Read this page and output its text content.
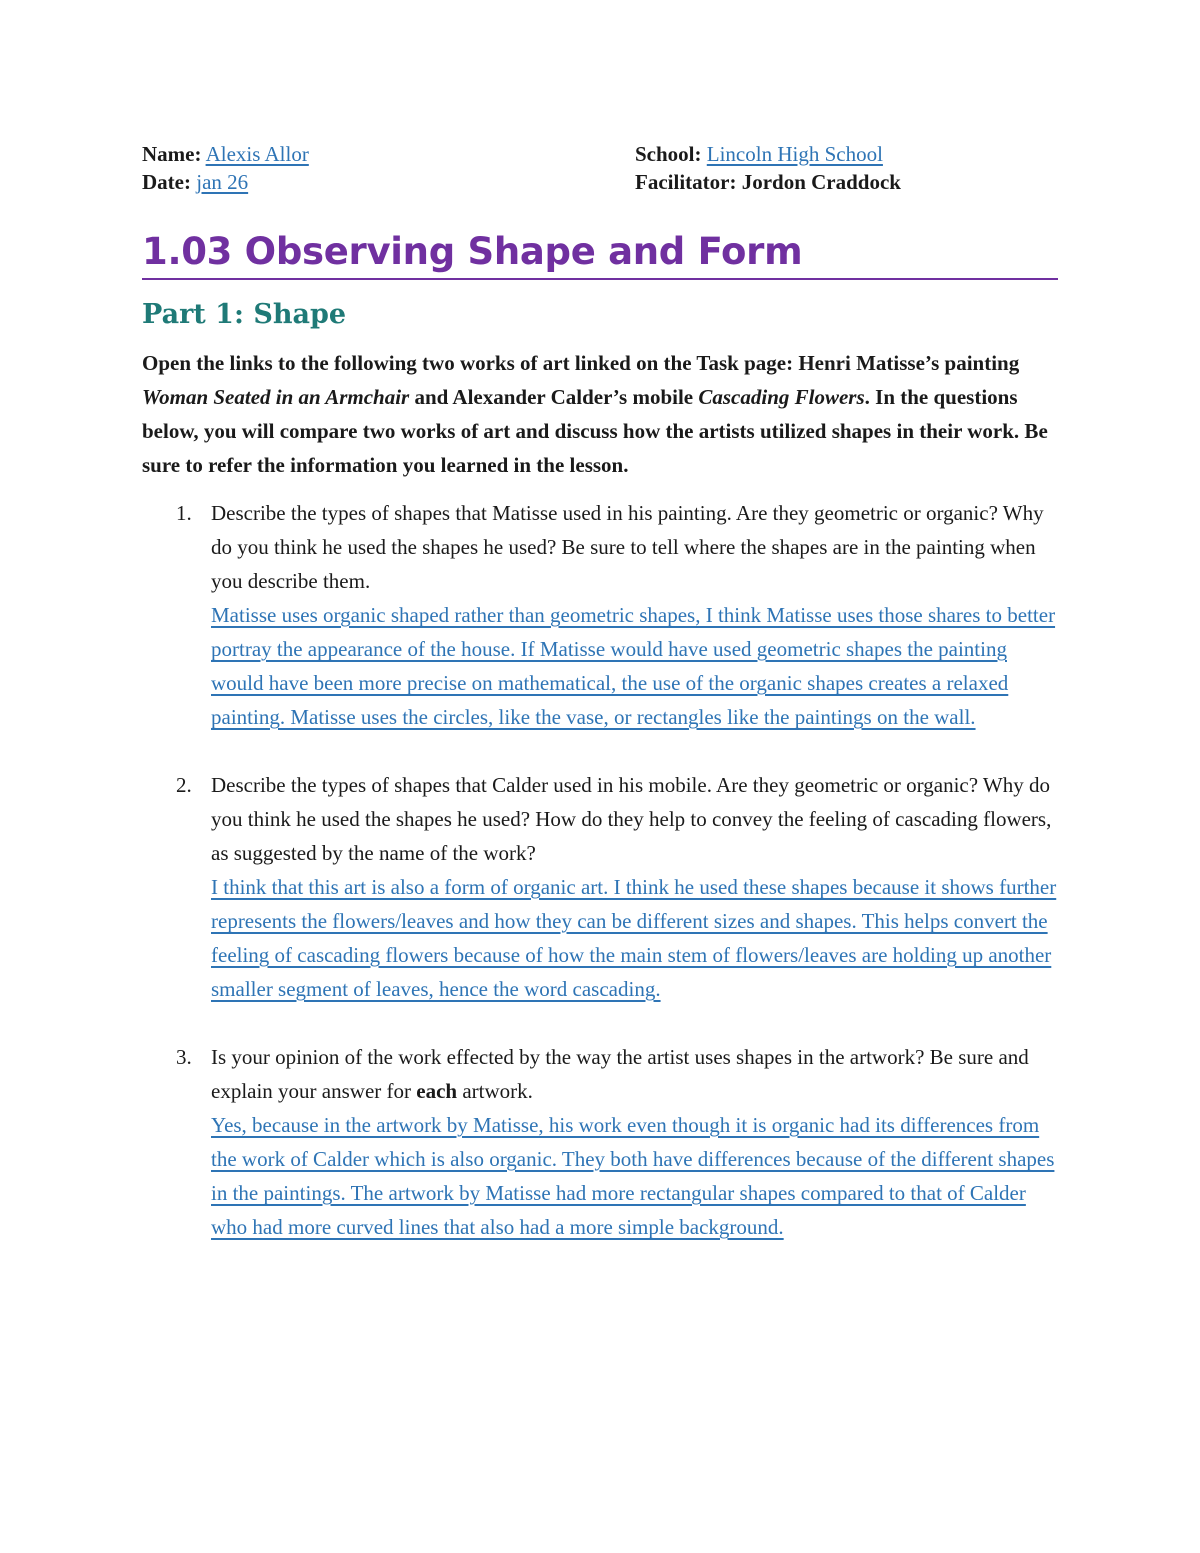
Name: Alexis Allor
Date: jan 26
School: Lincoln High School
Facilitator: Jordon Craddock
1.03 Observing Shape and Form
Part 1: Shape
Open the links to the following two works of art linked on the Task page: Henri Matisse’s painting Woman Seated in an Armchair and Alexander Calder’s mobile Cascading Flowers. In the questions below, you will compare two works of art and discuss how the artists utilized shapes in their work. Be sure to refer the information you learned in the lesson.
1. Describe the types of shapes that Matisse used in his painting. Are they geometric or organic? Why do you think he used the shapes he used? Be sure to tell where the shapes are in the painting when you describe them.
Matisse uses organic shaped rather than geometric shapes, I think Matisse uses those shares to better portray the appearance of the house. If Matisse would have used geometric shapes the painting would have been more precise on mathematical, the use of the organic shapes creates a relaxed painting. Matisse uses the circles, like the vase, or rectangles like the paintings on the wall.
2. Describe the types of shapes that Calder used in his mobile. Are they geometric or organic? Why do you think he used the shapes he used? How do they help to convey the feeling of cascading flowers, as suggested by the name of the work?
I think that this art is also a form of organic art. I think he used these shapes because it shows further represents the flowers/leaves and how they can be different sizes and shapes. This helps convert the feeling of cascading flowers because of how the main stem of flowers/leaves are holding up another smaller segment of leaves, hence the word cascading.
3. Is your opinion of the work effected by the way the artist uses shapes in the artwork? Be sure and explain your answer for each artwork.
Yes, because in the artwork by Matisse, his work even though it is organic had its differences from the work of Calder which is also organic. They both have differences because of the different shapes in the paintings. The artwork by Matisse had more rectangular shapes compared to that of Calder who had more curved lines that also had a more simple background.
